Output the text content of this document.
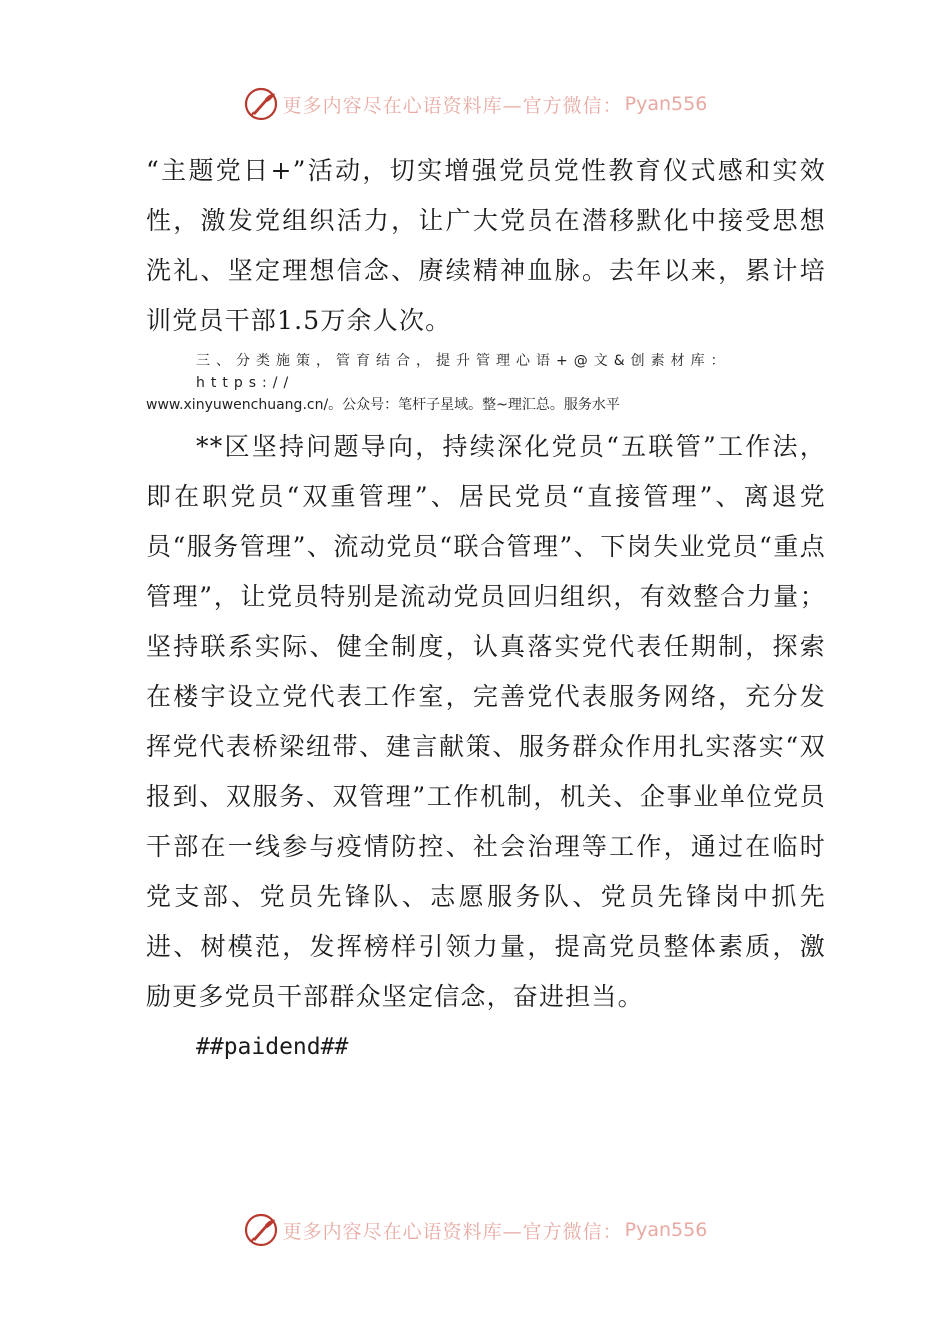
更多内容尽在心语资料库—官方微信： Pyan556

“主题党日+”活动，切实增强党员党性教育仪式感和实效性，激发党组织活力，让广大党员在潜移默化中接受思想洗礼、坚定理想信念、赓续精神血脉。去年以来，累计培训党员干部1.5万余人次。

三、分类施策，管育结合，提升管理心语+@文&创素材库：https://
www.xinyuwenchuang.cn/。公众号：笔杆子星域。整~理汇总。服务水平

**区坚持问题导向，持续深化党员“五联管”工作法，即在职党员“双重管理”、居民党员“直接管理”、离退党员“服务管理”、流动党员“联合管理”、下岗失业党员“重点管理”，让党员特别是流动党员回归组织，有效整合力量；坚持联系实际、健全制度，认真落实党代表任期制，探索在楼宇设立党代表工作室，完善党代表服务网络，充分发挥党代表桥梁纽带、建言献策、服务群众作用扎实落实“双报到、双服务、双管理”工作机制，机关、企事业单位党员干部在一线参与疫情防控、社会治理等工作，通过在临时党支部、党员先锋队、志愿服务队、党员先锋岗中抓先进、树模范，发挥榜样引领力量，提高党员整体素质，激励更多党员干部群众坚定信念，奋进担当。

##paidend##
更多内容尽在心语资料库—官方微信： Pyan556
